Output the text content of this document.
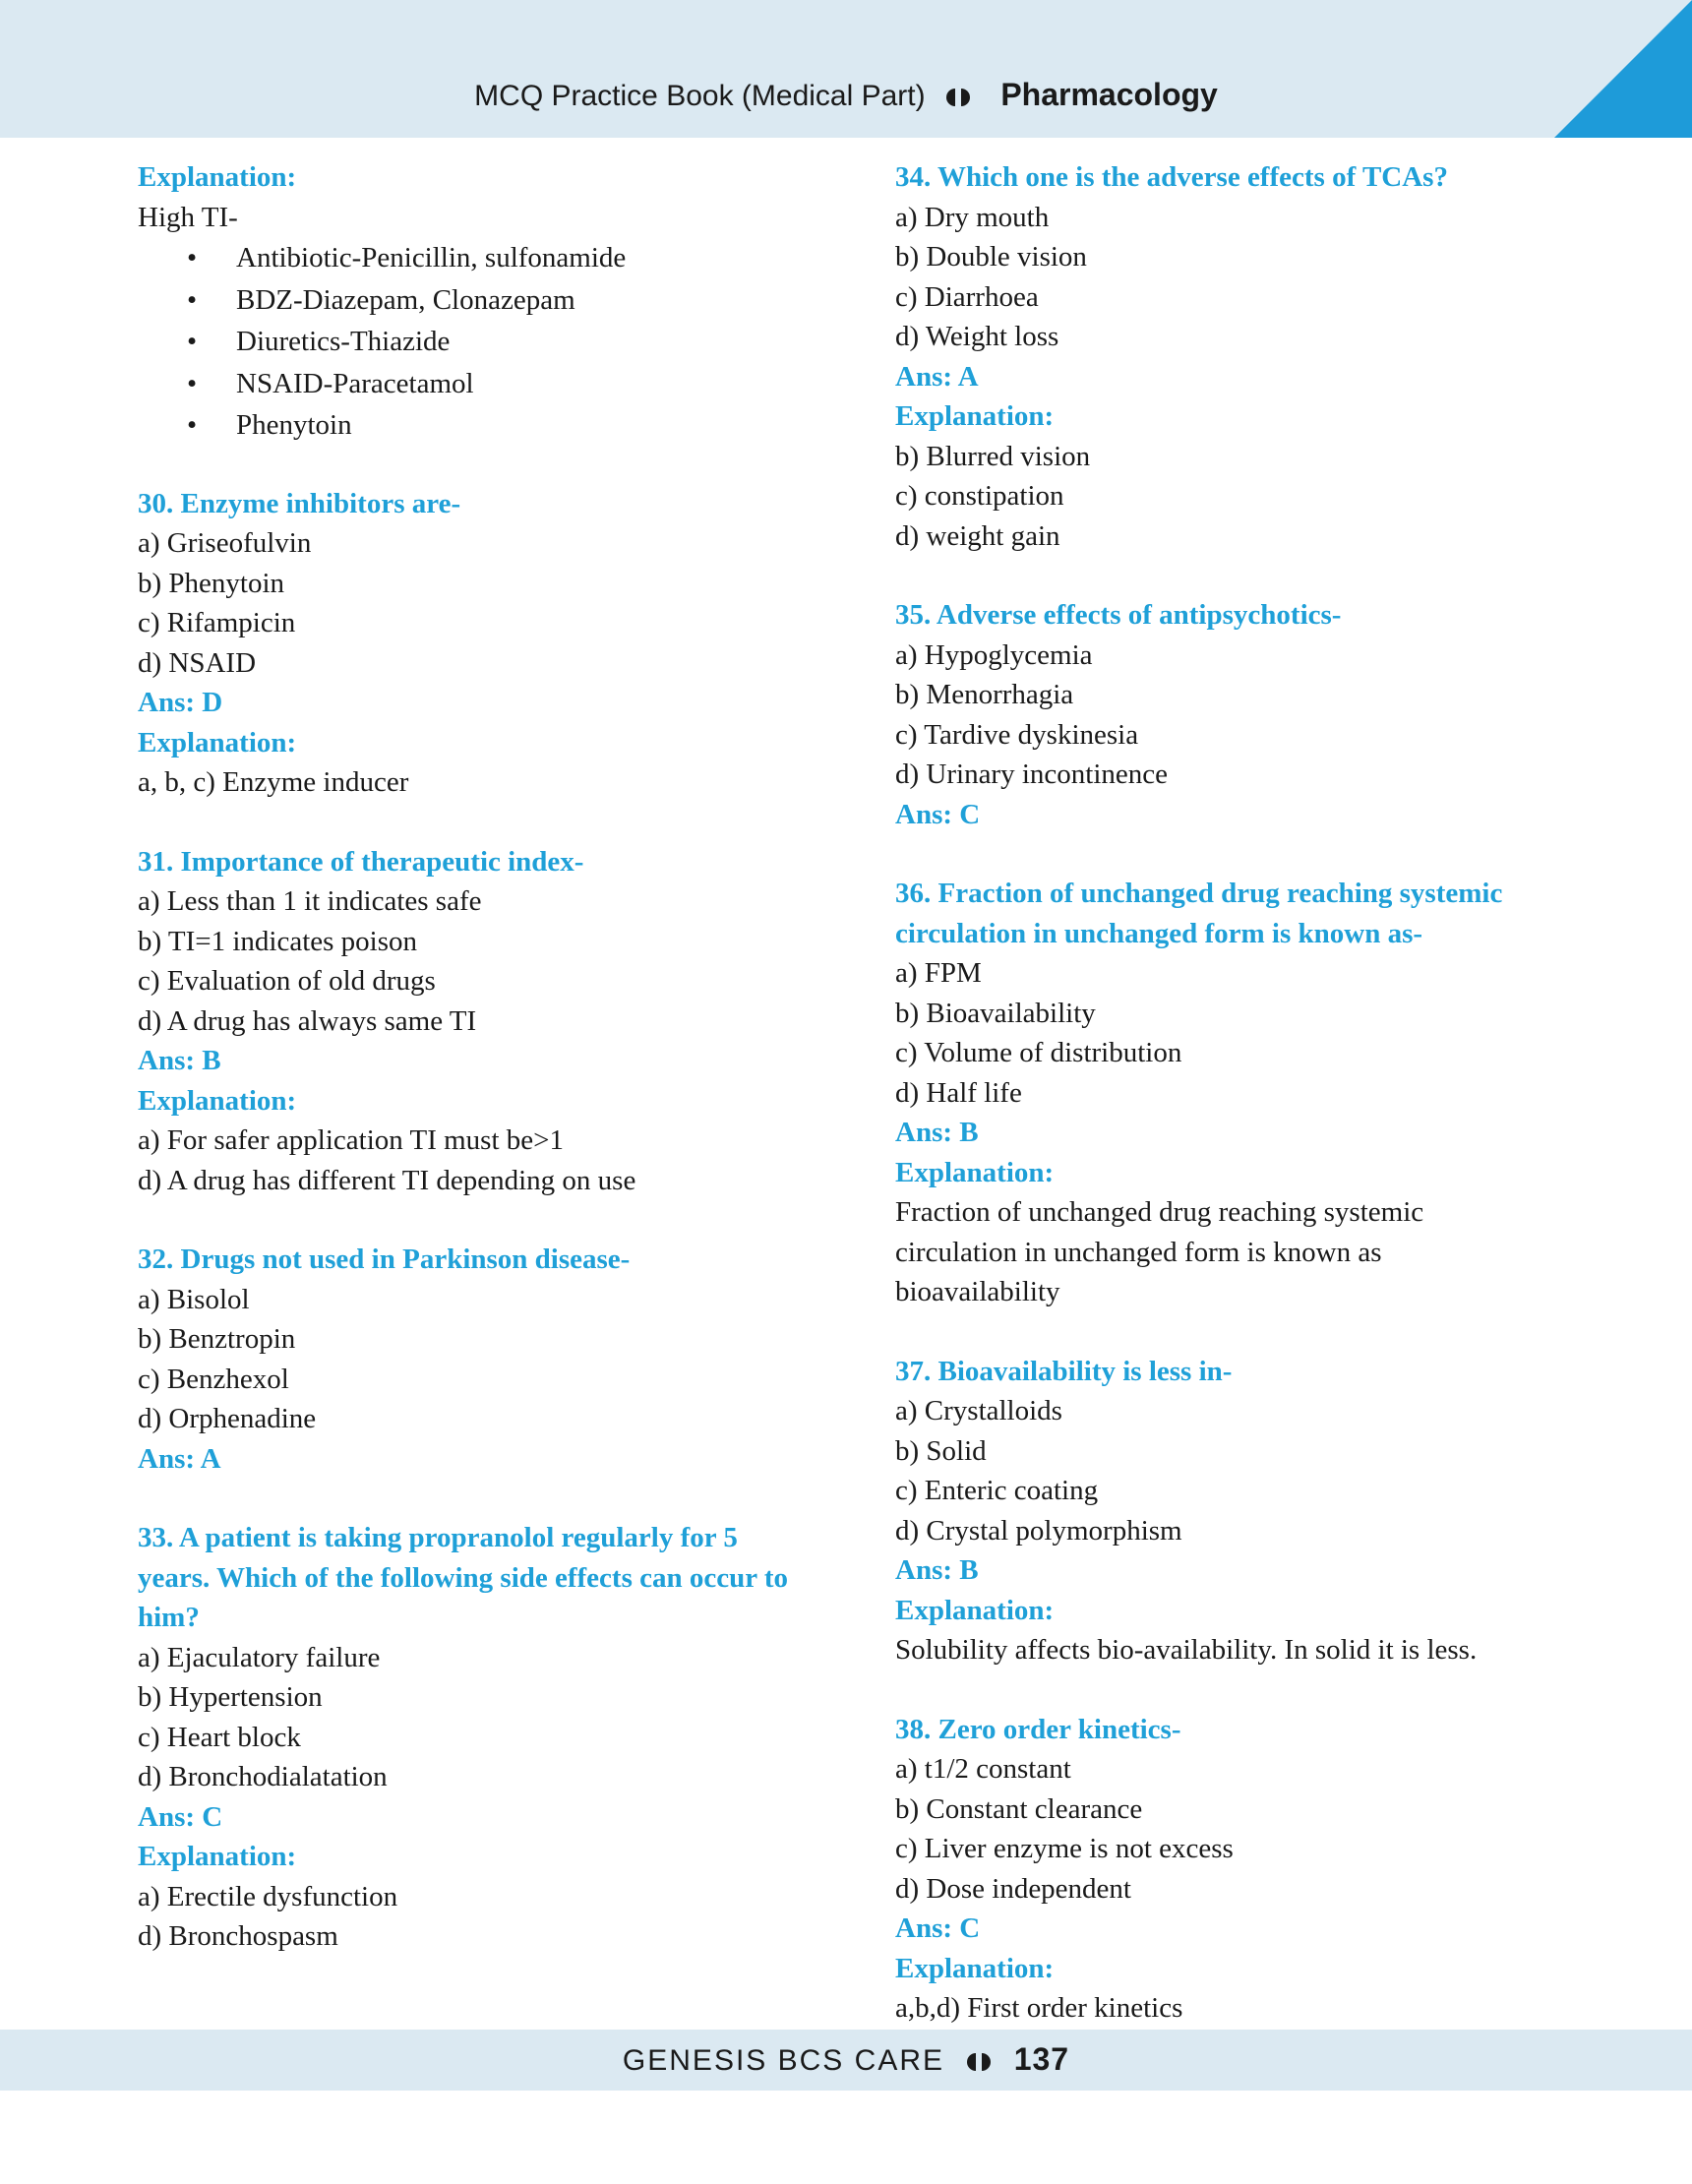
MCQ Practice Book (Medical Part) Pharmacology
Explanation:
High TI-
• Antibiotic-Penicillin, sulfonamide
• BDZ-Diazepam, Clonazepam
• Diuretics-Thiazide
• NSAID-Paracetamol
• Phenytoin
30. Enzyme inhibitors are-
a) Griseofulvin
b) Phenytoin
c) Rifampicin
d) NSAID
Ans: D
Explanation:
a, b, c) Enzyme inducer
31. Importance of therapeutic index-
a) Less than 1 it indicates safe
b) TI=1 indicates poison
c) Evaluation of old drugs
d) A drug has always same TI
Ans: B
Explanation:
a) For safer application TI must be>1
d) A drug has different TI depending on use
32. Drugs not used in Parkinson disease-
a) Bisolol
b) Benztropin
c) Benzhexol
d) Orphenadine
Ans: A
33. A patient is taking propranolol regularly for 5 years. Which of the following side effects can occur to him?
a) Ejaculatory failure
b) Hypertension
c) Heart block
d) Bronchodialatation
Ans: C
Explanation:
a) Erectile dysfunction
d) Bronchospasm
34. Which one is the adverse effects of TCAs?
a) Dry mouth
b) Double vision
c) Diarrhoea
d) Weight loss
Ans: A
Explanation:
b) Blurred vision
c) constipation
d) weight gain
35. Adverse effects of antipsychotics-
a) Hypoglycemia
b) Menorrhagia
c) Tardive dyskinesia
d) Urinary incontinence
Ans: C
36. Fraction of unchanged drug reaching systemic
circulation in unchanged form is known as-
a) FPM
b) Bioavailability
c) Volume of distribution
d) Half life
Ans: B
Explanation:
Fraction of unchanged drug reaching systemic
circulation in unchanged form is known as
bioavailability
37. Bioavailability is less in-
a) Crystalloids
b) Solid
c) Enteric coating
d) Crystal polymorphism
Ans: B
Explanation:
Solubility affects bio-availability. In solid it is less.
38. Zero order kinetics-
a) t1/2 constant
b) Constant clearance
c) Liver enzyme is not excess
d) Dose independent
Ans: C
Explanation:
a,b,d) First order kinetics
GENESIS BCS CARE 137
